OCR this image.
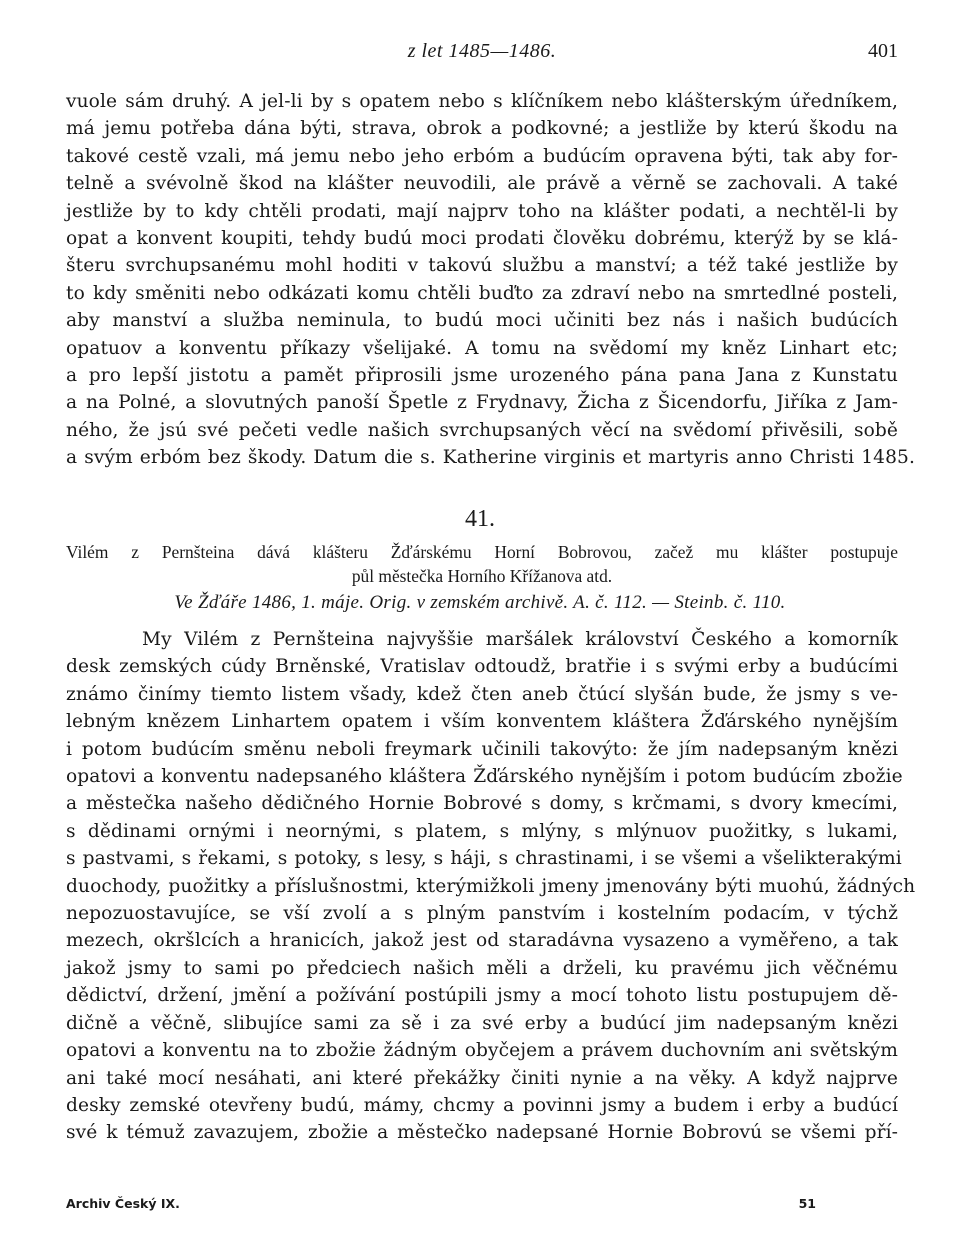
z let 1485—1486.	401
vuole sám druhý. A jel-li by s opatem nebo s klíčníkem nebo klášterským úředníkem,
má jemu potřeba dána býti, strava, obrok a podkovné; a jestliže by kterú škodu na
takové cestě vzali, má jemu nebo jeho erbóm a budúcím opravena býti, tak aby for-
telně a svévolně škod na klášter neuvodili, ale právě a věrně se zachovali. A také
jestliže by to kdy chtěli prodati, mají najprv toho na klášter podati, a nechtěl-li by
opat a konvent koupiti, tehdy budú moci prodati člověku dobrému, kterýž by se klá-
šteru svrchupsanému mohl hoditi v takovú službu a manství; a též také jestliže by
to kdy směniti nebo odkázati komu chtěli buďto za zdraví nebo na smrtedlné posteli,
aby manství a služba neminula, to budú moci učiniti bez nás i našich budúcích
opatuov a konventu příkazy všelijaké. A tomu na svědomí my kněz Linhart etc;
a pro lepší jistotu a pamět připrosili jsme urozeného pána pana Jana z Kunstatu
a na Polné, a slovutných panoší Špetle z Frydnavy, Žicha z Šicendorfu, Jiříka z Jam-
ného, že jsú své pečeti vedle našich svrchupsaných věcí na svědomí přivěsili, sobě
a svým erbóm bez škody. Datum die s. Katherine virginis et martyris anno Christi 1485.
41.
Vilém z Pernšteina dává klášteru Žďárskému Horní Bobrovou, začež mu klášter postupuje
půl městečka Horního Křížanova atd.
Ve Žďáře 1486, 1. máje. Orig. v zemském archivě. A. č. 112. — Steinb. č. 110.
My Vilém z Pernšteina najvyššie maršálek království Českého a komorník
desk zemských cúdy Brněnské, Vratislav odtoudž, bratřie i s svými erby a budúcími
známo činímy tiemto listem všady, kdež čten aneb čtúcí slyšán bude, že jsmy s ve-
lebným knězem Linhartem opatem i vším konventem kláštera Žďárského nynějším
i potom budúcím směnu neboli freymark učinili takovýto: že jím nadepsaným knězi
opatovi a konventu nadepsaného kláštera Žďárského nynějším i potom budúcím zbožie
a městečka našeho dědičného Hornie Bobrové s domy, s krčmami, s dvory kmecími,
s dědinami ornými i neornými, s platem, s mlýny, s mlýnuov puožitky, s lukami,
s pastvami, s řekami, s potoky, s lesy, s háji, s chrastinami, i se všemi a všelikterakými
duochody, puožitky a příslušnostmi, kterýmižkoli jmeny jmenovány býti muohú, žádných
nepozuostavujíce, se vší zvolí a s plným panstvím i kostelním podacím, v týchž
mezech, okršlcích a hranicích, jakož jest od staradávna vysazeno a vyměřeno, a tak
jakož jsmy to sami po předciech našich měli a drželi, ku pravému jich věčnému
dědictví, držení, jmění a požívání postúpili jsmy a mocí tohoto listu postupujem dě-
dičně a věčně, slibujíce sami za sě i za své erby a budúcí jim nadepsaným knězi
opatovi a konventu na to zbožie žádným obyčejem a právem duchovním ani světským
ani také mocí nesáhati, ani které překážky činiti nynie a na věky. A když najprve
desky zemské otevřeny budú, mámy, chcmy a povinni jsmy a budem i erby a budúcí
své k témuž zavazujem, zbožie a městečko nadepsané Hornie Bobrovú se všemi pří-
Archiv Český IX.	51
